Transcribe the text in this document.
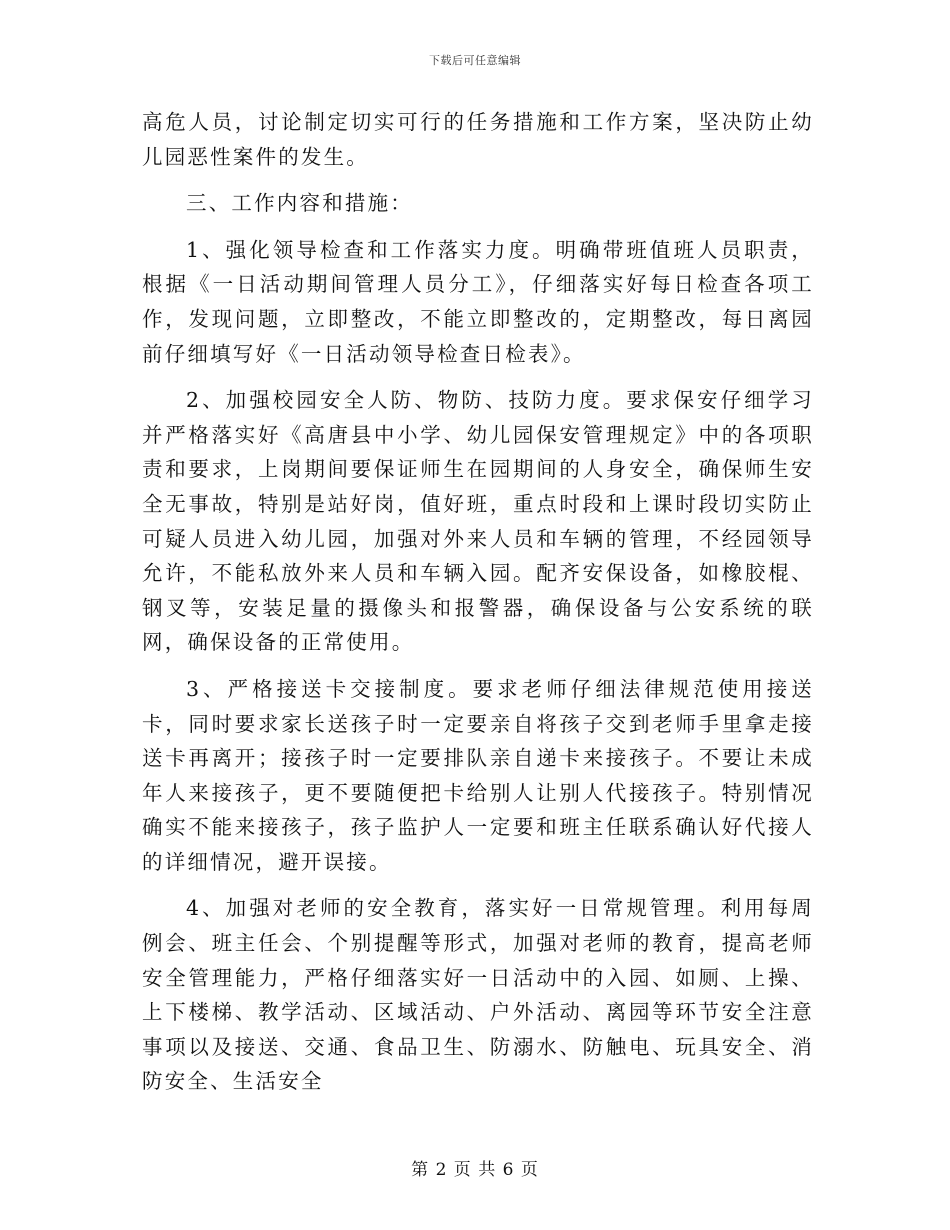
下载后可任意编辑

高危人员，讨论制定切实可行的任务措施和工作方案，坚决防止幼儿园恶性案件的发生。

三、工作内容和措施：

1、强化领导检查和工作落实力度。明确带班值班人员职责，根据《一日活动期间管理人员分工》，仔细落实好每日检查各项工作，发现问题，立即整改，不能立即整改的，定期整改，每日离园前仔细填写好《一日活动领导检查日检表》。

2、加强校园安全人防、物防、技防力度。要求保安仔细学习并严格落实好《高唐县中小学、幼儿园保安管理规定》中的各项职责和要求，上岗期间要保证师生在园期间的人身安全，确保师生安全无事故，特别是站好岗，值好班，重点时段和上课时段切实防止可疑人员进入幼儿园，加强对外来人员和车辆的管理，不经园领导允许，不能私放外来人员和车辆入园。配齐安保设备，如橡胶棍、钢叉等，安装足量的摄像头和报警器，确保设备与公安系统的联网，确保设备的正常使用。

3、严格接送卡交接制度。要求老师仔细法律规范使用接送卡，同时要求家长送孩子时一定要亲自将孩子交到老师手里拿走接送卡再离开；接孩子时一定要排队亲自递卡来接孩子。不要让未成年人来接孩子，更不要随便把卡给别人让别人代接孩子。特别情况确实不能来接孩子，孩子监护人一定要和班主任联系确认好代接人的详细情况，避开误接。

4、加强对老师的安全教育，落实好一日常规管理。利用每周例会、班主任会、个别提醒等形式，加强对老师的教育，提高老师安全管理能力，严格仔细落实好一日活动中的入园、如厕、上操、上下楼梯、教学活动、区域活动、户外活动、离园等环节安全注意事项以及接送、交通、食品卫生、防溺水、防触电、玩具安全、消防安全、生活安全

第 2 页 共 6 页
